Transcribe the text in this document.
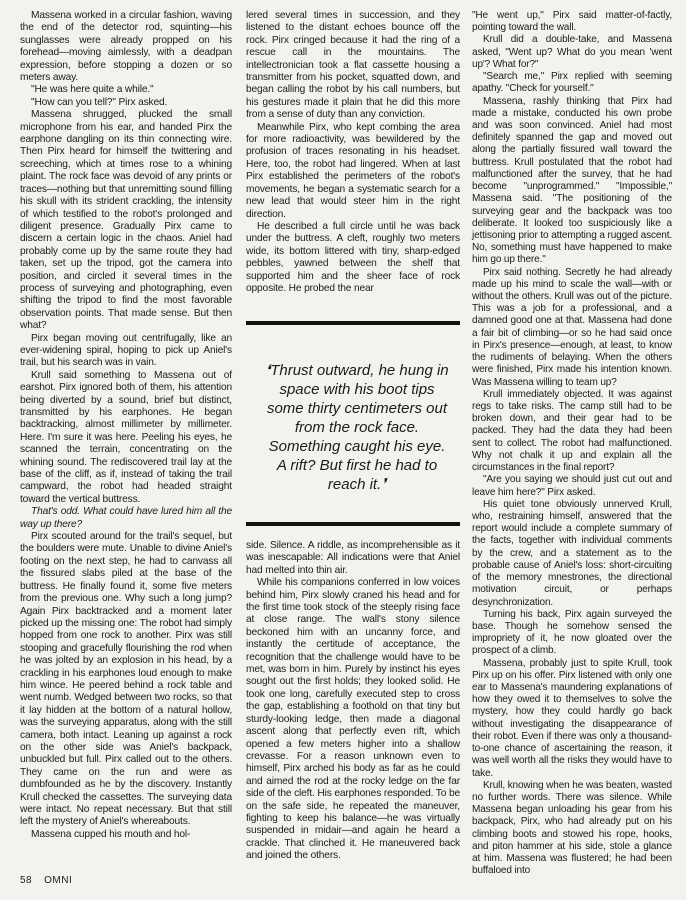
Massena worked in a circular fashion, waving the end of the detector rod, squinting—his sunglasses were already propped on his forehead—moving aimlessly, with a deadpan expression, before stopping a dozen or so meters away.

"He was here quite a while."

"How can you tell?" Pirx asked.

Massena shrugged, plucked the small microphone from his ear, and handed Pirx the earphone dangling on its thin connecting wire. Then Pirx heard for himself the twittering and screeching, which at times rose to a whining plaint. The rock face was devoid of any prints or traces—nothing but that unremitting sound filling his skull with its strident crackling, the intensity of which testified to the robot's prolonged and diligent presence. Gradually Pirx came to discern a certain logic in the chaos. Aniel had probably come up by the same route they had taken, set up the tripod, got the camera into position, and circled it several times in the process of surveying and photographing, even shifting the tripod to find the most favorable observation points. That made sense. But then what?

Pirx began moving out centrifugally, like an ever-widening spiral, hoping to pick up Aniel's trail, but his search was in vain.

Krull said something to Massena out of earshot. Pirx ignored both of them, his attention being diverted by a sound, brief but distinct, transmitted by his earphones. He began backtracking, almost millimeter by millimeter. Here. I'm sure it was here. Peeling his eyes, he scanned the terrain, concentrating on the whining sound. The rediscovered trail lay at the base of the cliff, as if, instead of taking the trail campward, the robot had headed straight toward the vertical buttress.

That's odd. What could have lured him all the way up there?

Pirx scouted around for the trail's sequel, but the boulders were mute. Unable to divine Aniel's footing on the next step, he had to canvass all the fissured slabs piled at the base of the buttress. He finally found it, some five meters from the previous one. Why such a long jump? Again Pirx backtracked and a moment later picked up the missing one: The robot had simply hopped from one rock to another. Pirx was still stooping and gracefully flourishing the rod when he was jolted by an explosion in his head, by a crackling in his earphones loud enough to make him wince. He peered behind a rock table and went numb. Wedged between two rocks, so that it lay hidden at the bottom of a natural hollow, was the surveying apparatus, along with the still camera, both intact. Leaning up against a rock on the other side was Aniel's backpack, unbuckled but full. Pirx called out to the others. They came on the run and were as dumbfounded as he by the discovery. Instantly Krull checked the cassettes. The surveying data were intact. No repeat necessary. But that still left the mystery of Aniel's whereabouts.

Massena cupped his mouth and hol-

lered several times in succession, and they listened to the distant echoes bounce off the rock. Pirx cringed because it had the ring of a rescue call in the mountains. The intellectronician took a flat cassette housing a transmitter from his pocket, squatted down, and began calling the robot by his call numbers, but his gestures made it plain that he did this more from a sense of duty than any conviction.

Meanwhile Pirx, who kept combing the area for more radioactivity, was bewildered by the profusion of traces resonating in his headset. Here, too, the robot had lingered. When at last Pirx established the perimeters of the robot's movements, he began a systematic search for a new lead that would steer him in the right direction.

He described a full circle until he was back under the buttress. A cleft, roughly two meters wide, its bottom littered with tiny, sharp-edged pebbles, yawned between the shelf that supported him and the sheer face of rock opposite. He probed the near

❛Thrust outward, he hung in space with his boot tips some thirty centimeters out from the rock face. Something caught his eye. A rift? But first he had to reach it.❜

side. Silence. A riddle, as incomprehensible as it was inescapable: All indications were that Aniel had melted into thin air.

While his companions conferred in low voices behind him, Pirx slowly craned his head and for the first time took stock of the steeply rising face at close range. The wall's stony silence beckoned him with an uncanny force, and instantly the certitude of acceptance, the recognition that the challenge would have to be met, was born in him. Purely by instinct his eyes sought out the first holds; they looked solid. He took one long, carefully executed step to cross the gap, establishing a foothold on that tiny but sturdy-looking ledge, then made a diagonal ascent along that perfectly even rift, which opened a few meters higher into a shallow crevasse. For a reason unknown even to himself, Pirx arched his body as far as he could and aimed the rod at the rocky ledge on the far side of the cleft. His earphones responded. To be on the safe side, he repeated the maneuver, fighting to keep his balance—he was virtually suspended in midair—and again he heard a crackle. That clinched it. He maneuvered back and joined the others.

"He went up," Pirx said matter-of-factly, pointing toward the wall.

Krull did a double-take, and Massena asked, "Went up? What do you mean 'went up'? What for?"

"Search me," Pirx replied with seeming apathy. "Check for yourself."

Massena, rashly thinking that Pirx had made a mistake, conducted his own probe and was soon convinced. Aniel had most definitely spanned the gap and moved out along the partially fissured wall toward the buttress. Krull postulated that the robot had malfunctioned after the survey, that he had become "unprogrammed." "Impossible," Massena said. "The positioning of the surveying gear and the backpack was too deliberate. It looked too suspiciously like a jettisoning prior to attempting a rugged ascent. No, something must have happened to make him go up there."

Pirx said nothing. Secretly he had already made up his mind to scale the wall—with or without the others. Krull was out of the picture. This was a job for a professional, and a damned good one at that. Massena had done a fair bit of climbing—or so he had said once in Pirx's presence—enough, at least, to know the rudiments of belaying. When the others were finished, Pirx made his intention known. Was Massena willing to team up?

Krull immediately objected. It was against regs to take risks. The camp still had to be broken down, and their gear had to be packed. They had the data they had been sent to collect. The robot had malfunctioned. Why not chalk it up and explain all the circumstances in the final report?

"Are you saying we should just cut out and leave him here?" Pirx asked.

His quiet tone obviously unnerved Krull, who, restraining himself, answered that the report would include a complete summary of the facts, together with individual comments by the crew, and a statement as to the probable cause of Aniel's loss: short-circuiting of the memory mnestrones, the directional motivation circuit, or perhaps desynchronization.

Turning his back, Pirx again surveyed the base. Though he somehow sensed the impropriety of it, he now gloated over the prospect of a climb.

Massena, probably just to spite Krull, took Pirx up on his offer. Pirx listened with only one ear to Massena's maundering explanations of how they owed it to themselves to solve the mystery, how they could hardly go back without investigating the disappearance of their robot. Even if there was only a thousand-to-one chance of ascertaining the reason, it was well worth all the risks they would have to take.

Krull, knowing when he was beaten, wasted no further words. There was silence. While Massena began unloading his gear from his backpack, Pirx, who had already put on his climbing boots and stowed his rope, hooks, and piton hammer at his side, stole a glance at him. Massena was flustered; he had been buffaloed into

58 OMNI
